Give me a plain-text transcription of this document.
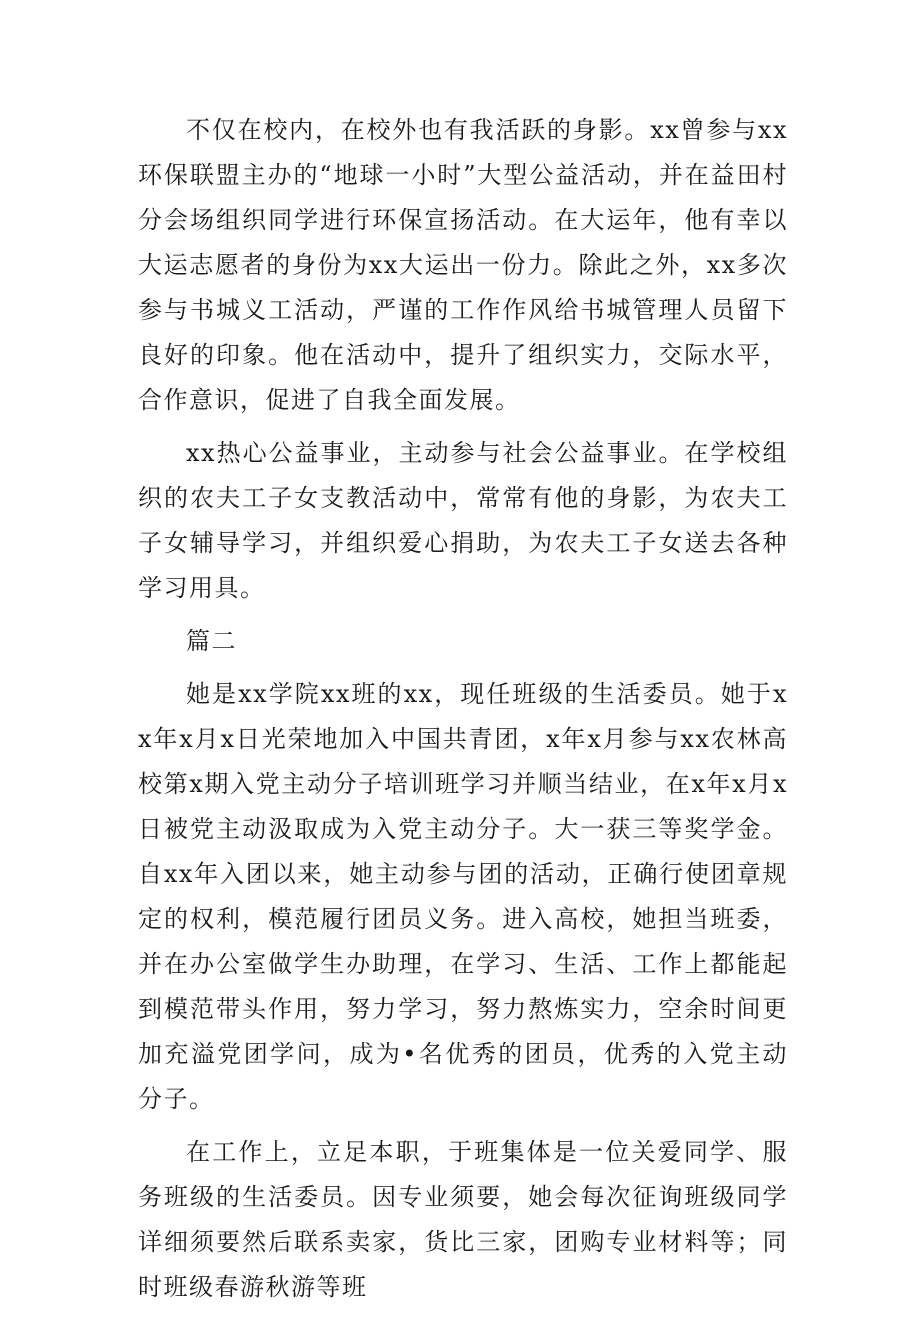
不仅在校内，在校外也有我活跃的身影。xx曾参与xx环保联盟主办的“地球一小时”大型公益活动，并在益田村分会场组织同学进行环保宣扬活动。在大运年，他有幸以大运志愿者的身份为xx大运出一份力。除此之外，xx多次参与书城义工活动，严谨的工作作风给书城管理人员留下良好的印象。他在活动中，提升了组织实力，交际水平，合作意识，促进了自我全面发展。

xx热心公益事业，主动参与社会公益事业。在学校组织的农夫工子女支教活动中，常常有他的身影，为农夫工子女辅导学习，并组织爱心捐助，为农夫工子女送去各种学习用具。

篇二

她是xx学院xx班的xx，现任班级的生活委员。她于xx年x月x日光荣地加入中国共青团，x年x月参与xx农林高校第x期入党主动分子培训班学习并顺当结业，在x年x月x日被党主动汲取成为入党主动分子。大一获三等奖学金。自xx年入团以来，她主动参与团的活动，正确行使团章规定的权利，模范履行团员义务。进入高校，她担当班委，并在办公室做学生办助理，在学习、生活、工作上都能起到模范带头作用，努力学习，努力熬炼实力，空余时间更加充溢党团学问，成为•名优秀的团员，优秀的入党主动分子。

在工作上，立足本职，于班集体是一位关爱同学、服务班级的生活委员。因专业须要，她会每次征询班级同学详细须要然后联系卖家，货比三家，团购专业材料等；同时班级春游秋游等班
